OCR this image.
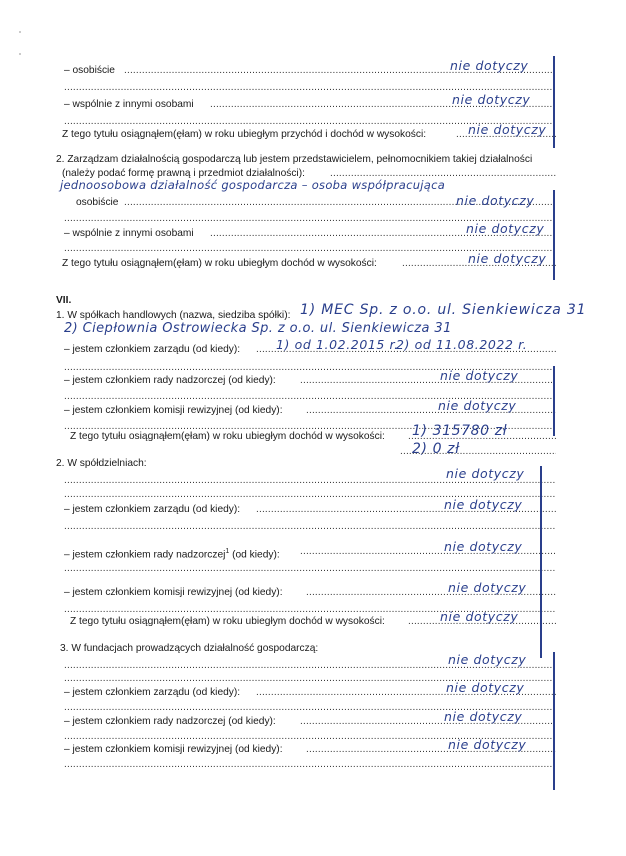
– osobiście .....	nie dotyczy
.....
– wspólnie z innymi osobami .....	nie dotyczy
.....
Z tego tytułu osiągnąłem(ęłam) w roku ubiegłym przychód i dochód w wysokości: .....	nie dotyczy
2. Zarządzam działalnością gospodarczą lub jestem przedstawicielem, pełnomocnikiem takiej działalności
(należy podać formę prawną i przedmiot działalności):
.....
jednoosobowa działalność gospodarcza – osoba współpracująca
osobiście .....	nie dotyczy
.....
– wspólnie z innymi osobami .....	nie dotyczy
.....
Z tego tytułu osiągnąłem(ęłam) w roku ubiegłym dochód w wysokości: .....	nie dotyczy
VII.
1. W spółkach handlowych (nazwa, siedziba spółki): 1) MEC Sp. z o.o. ul. Sienkiewicza 31
2) Ciepłownia Ostrowiecka Sp. z o.o. ul. Sienkiewicza 31
– jestem członkiem zarządu (od kiedy): .....	1) od 1.02.2015 r.
2) od 11.08.2022 r.
.....
– jestem członkiem rady nadzorczej (od kiedy): .....	nie dotyczy
.....
– jestem członkiem komisji rewizyjnej (od kiedy): .....	nie dotyczy
.....
Z tego tytułu osiągnąłem(ęłam) w roku ubiegłym dochód w wysokości: ..... 1) 315780 zł
2) 0 zł
.....
2. W spółdzielniach:
nie dotyczy
.....
.....
– jestem członkiem zarządu (od kiedy): .....	nie dotyczy
.....
– jestem członkiem rady nadzorczej$^1$ (od kiedy):
.....
nie dotyczy
.....
– jestem członkiem komisji rewizyjnej (od kiedy): .....	nie dotyczy
.....
Z tego tytułu osiągnąłem(ęłam) w roku ubiegłym dochód w wysokości: .....	nie dotyczy
3. W fundacjach prowadzących działalność gospodarczą:
nie dotyczy
.....
.....
– jestem członkiem zarządu (od kiedy): .....	nie dotyczy
.....
– jestem członkiem rady nadzorczej (od kiedy): .....	nie dotyczy
.....
– jestem członkiem komisji rewizyjnej (od kiedy): .....	nie dotyczy
.....
